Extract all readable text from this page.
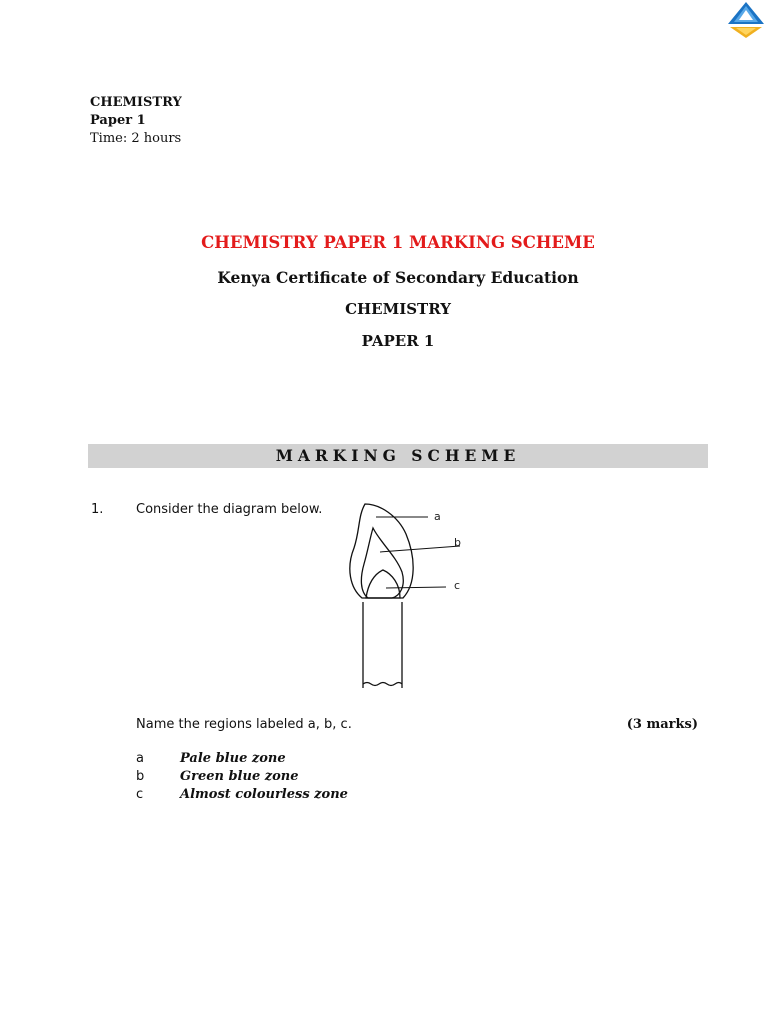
CHEMISTRY
Paper 1
Time: 2 hours
CHEMISTRY PAPER 1 MARKING SCHEME
Kenya Certificate of Secondary Education
CHEMISTRY
PAPER 1
MARKING SCHEME
1.	Consider the diagram below.	a
b
c
Name the regions labeled a, b, c.	(3 marks)
a	Pale blue zone
b	Green blue zone
c	Almost colourless zone
